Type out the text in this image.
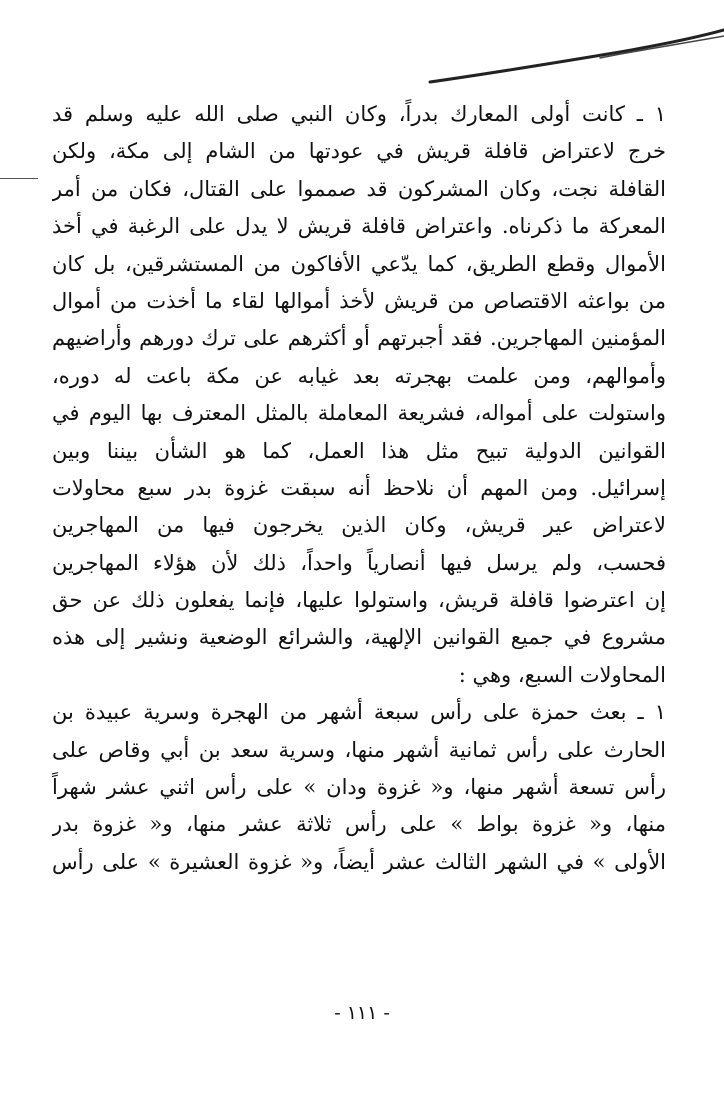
١ ـ كانت أولى المعارك بدراً، وكان النبي صلى الله عليه وسلم قد
خرج لاعتراض قافلة قريش في عودتها من الشام إلى مكة، ولكن
القافلة نجت، وكان المشركون قد صمموا على القتال، فكان من أمر
المعركة ما ذكرناه. واعتراض قافلة قريش لا يدل على الرغبة في أخذ
الأموال وقطع الطريق، كما يدّعي الأفاكون من المستشرقين، بل كان
من بواعثه الاقتصاص من قريش لأخذ أموالها لقاء ما أخذت من أموال
المؤمنين المهاجرين. فقد أجبرتهم أو أكثرهم على ترك دورهم وأراضيهم
وأموالهم، ومن علمت بهجرته بعد غيابه عن مكة باعت له دوره،
واستولت على أمواله، فشريعة المعاملة بالمثل المعترف بها اليوم في
القوانين الدولية تبيح مثل هذا العمل، كما هو الشأن بيننا وبين
إسرائيل. ومن المهم أن نلاحظ أنه سبقت غزوة بدر سبع محاولات
لاعتراض عير قريش، وكان الذين يخرجون فيها من المهاجرين
فحسب، ولم يرسل فيها أنصارياً واحداً، ذلك لأن هؤلاء المهاجرين
إن اعترضوا قافلة قريش، واستولوا عليها، فإنما يفعلون ذلك عن حق
مشروع في جميع القوانين الإلهية، والشرائع الوضعية ونشير إلى هذه
المحاولات السبع، وهي :
١ ـ بعث حمزة على رأس سبعة أشهر من الهجرة وسرية عبيدة بن
الحارث على رأس ثمانية أشهر منها، وسرية سعد بن أبي وقاص على
رأس تسعة أشهر منها، و« غزوة ودان » على رأس اثني عشر شهراً
منها، و« غزوة بواط » على رأس ثلاثة عشر منها، و« غزوة بدر
الأولى » في الشهر الثالث عشر أيضاً، و« غزوة العشيرة » على رأس
- ١١١ -
